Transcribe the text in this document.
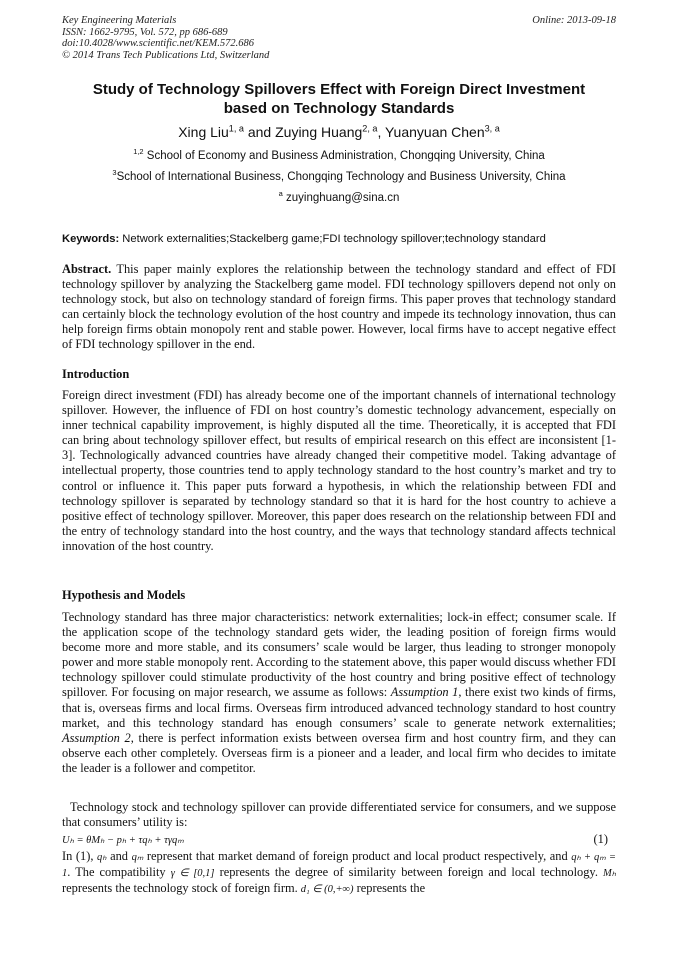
Key Engineering Materials
ISSN: 1662-9795, Vol. 572, pp 686-689
doi:10.4028/www.scientific.net/KEM.572.686
© 2014 Trans Tech Publications Ltd, Switzerland
Online: 2013-09-18
Study of Technology Spillovers Effect with Foreign Direct Investment
based on Technology Standards
Xing Liu$^{1, a}$ and Zuying Huang$^{2, a}$, Yuanyuan Chen$^{3, a}$
$^{1,2}$ School of Economy and Business Administration, Chongqing University, China
$^3$School of International Business, Chongqing Technology and Business University, China
$^a$ zuyinghuang@sina.cn
Keywords: Network externalities;Stackelberg game;FDI technology spillover;technology standard
Abstract. This paper mainly explores the relationship between the technology standard and effect of FDI technology spillover by analyzing the Stackelberg game model. FDI technology spillovers depend not only on technology stock, but also on technology standard of foreign firms. This paper proves that technology standard can certainly block the technology evolution of the host country and impede its technology innovation, thus can help foreign firms obtain monopoly rent and stable power. However, local firms have to accept negative effect of FDI technology spillover in the end.
Introduction
Foreign direct investment (FDI) has already become one of the important channels of international technology spillover. However, the influence of FDI on host country’s domestic technology advancement, especially on inner technical capability improvement, is highly disputed all the time. Theoretically, it is accepted that FDI can bring about technology spillover effect, but results of empirical research on this effect are inconsistent [1-3]. Technologically advanced countries have already changed their competitive model. Taking advantage of intellectual property, those countries tend to apply technology standard to the host country’s market and try to control or influence it. This paper puts forward a hypothesis, in which the relationship between FDI and technology spillover is separated by technology standard so that it is hard for the host country to achieve a positive effect of technology spillover. Moreover, this paper does research on the relationship between FDI and the entry of technology standard into the host country, and the ways that technology standard affects technical innovation of the host country.
Hypothesis and Models
Technology standard has three major characteristics: network externalities; lock-in effect; consumer scale. If the application scope of the technology standard gets wider, the leading position of foreign firms would become more and more stable, and its consumers’ scale would be larger, thus leading to stronger monopoly power and more stable monopoly rent. According to the statement above, this paper would discuss whether FDI technology spillover could stimulate productivity of the host country and bring positive effect of technology spillover. For focusing on major research, we assume as follows: Assumption 1, there exist two kinds of firms, that is, overseas firms and local firms. Overseas firm introduced advanced technology standard to host country market, and this technology standard has enough consumers’ scale to generate network externalities; Assumption 2, there is perfect information exists between oversea firm and host country firm, and they can observe each other completely. Overseas firm is a pioneer and a leader, and local firm who decides to imitate the leader is a follower and competitor.
Technology stock and technology spillover can provide differentiated service for consumers, and we suppose that consumers’ utility is:
Uₕ = θMₕ − pₕ + τqₕ + τγqₘ	(1)
In (1), qₕ and qₘ represent that market demand of foreign product and local product respectively, and qₕ + qₘ = 1. The compatibility γ ∈ [0,1] represents the degree of similarity between foreign and local technology. Mₕ represents the technology stock of foreign firm. d₁ ∈ (0,+∞) represents the
